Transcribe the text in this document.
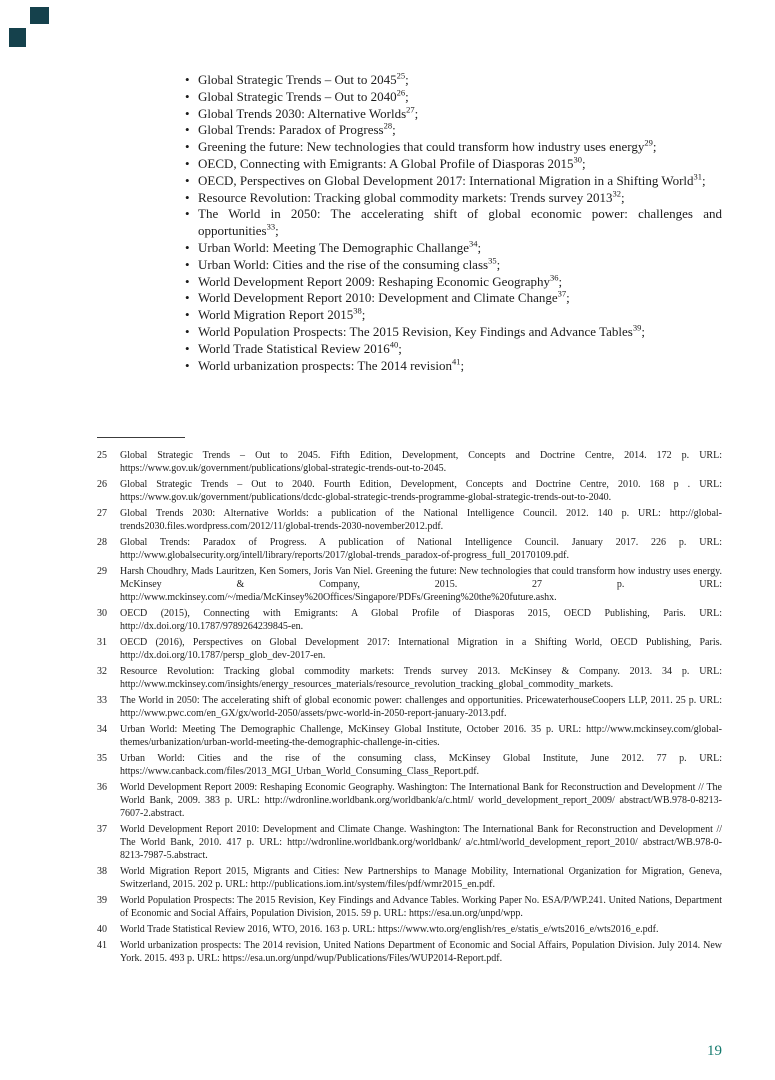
• Global Strategic Trends – Out to 2045$^{25}$;
• Global Strategic Trends – Out to 2040$^{26}$;
• Global Trends 2030: Alternative Worlds$^{27}$;
• Global Trends: Paradox of Progress$^{28}$;
• Greening the future: New technologies that could transform how industry uses energy$^{29}$;
• OECD, Connecting with Emigrants: A Global Profile of Diasporas 2015$^{30}$;
• OECD, Perspectives on Global Development 2017: International Migration in a Shifting World$^{31}$;
• Resource Revolution: Tracking global commodity markets: Trends survey 2013$^{32}$;
• The World in 2050: The accelerating shift of global economic power: challenges and opportunities$^{33}$;
• Urban World: Meeting The Demographic Challange$^{34}$;
• Urban World: Cities and the rise of the consuming class$^{35}$;
• World Development Report 2009: Reshaping Economic Geography$^{36}$;
• World Development Report 2010: Development and Climate Change$^{37}$;
• World Migration Report 2015$^{38}$;
• World Population Prospects: The 2015 Revision, Key Findings and Advance Tables$^{39}$;
• World Trade Statistical Review 2016$^{40}$;
• World urbanization prospects: The 2014 revision$^{41}$;
25	Global Strategic Trends – Out to 2045. Fifth Edition, Development, Concepts and Doctrine Centre, 2014. 172 p. URL: https://www.gov.uk/government/publications/global-strategic-trends-out-to-2045.
26	Global Strategic Trends – Out to 2040. Fourth Edition, Development, Concepts and Doctrine Centre, 2010. 168 p . URL: https://www.gov.uk/government/publications/dcdc-global-strategic-trends-programme-global-strategic-trends-out-to-2040.
27	Global Trends 2030: Alternative Worlds: a publication of the National Intelligence Council. 2012. 140 p. URL: http://global-trends2030.files.wordpress.com/2012/11/global-trends-2030-november2012.pdf.
28	Global Trends: Paradox of Progress. A publication of National Intelligence Council. January 2017. 226 p. URL: http://www.globalsecurity.org/intell/library/reports/2017/global-trends_paradox-of-progress_full_20170109.pdf.
29	Harsh Choudhry, Mads Lauritzen, Ken Somers, Joris Van Niel. Greening the future: New technologies that could transform how industry uses energy. McKinsey & Company, 2015. 27 p. URL: http://www.mckinsey.com/~/media/McKinsey%20Offices/Singapore/PDFs/Greening%20the%20future.ashx.
30	OECD (2015), Connecting with Emigrants: A Global Profile of Diasporas 2015, OECD Publishing, Paris. URL: http://dx.doi.org/10.1787/9789264239845-en.
31	OECD (2016), Perspectives on Global Development 2017: International Migration in a Shifting World, OECD Publishing, Paris. http://dx.doi.org/10.1787/persp_glob_dev-2017-en.
32	Resource Revolution: Tracking global commodity markets: Trends survey 2013. McKinsey & Company. 2013. 34 p. URL: http://www.mckinsey.com/insights/energy_resources_materials/resource_revolution_tracking_global_commodity_markets.
33	The World in 2050: The accelerating shift of global economic power: challenges and opportunities. PricewaterhouseCoopers LLP, 2011. 25 p. URL: http://www.pwc.com/en_GX/gx/world-2050/assets/pwc-world-in-2050-report-january-2013.pdf.
34	Urban World: Meeting The Demographic Challenge, McKinsey Global Institute, October 2016. 35 p. URL: http://www.mckinsey.com/global-themes/urbanization/urban-world-meeting-the-demographic-challenge-in-cities.
35	Urban World: Cities and the rise of the consuming class, McKinsey Global Institute, June 2012. 77 p. URL: https://www.canback.com/files/2013_MGI_Urban_World_Consuming_Class_Report.pdf.
36	World Development Report 2009: Reshaping Economic Geography. Washington: The International Bank for Reconstruction and Development // The World Bank, 2009. 383 p. URL: http://wdronline.worldbank.org/worldbank/a/c.html/ world_development_report_2009/ abstract/WB.978-0-8213-7607-2.abstract.
37	World Development Report 2010: Development and Climate Change. Washington: The International Bank for Reconstruction and Development // The World Bank, 2010. 417 p. URL: http://wdronline.worldbank.org/worldbank/ a/c.html/world_development_report_2010/ abstract/WB.978-0-8213-7987-5.abstract.
38	World Migration Report 2015, Migrants and Cities: New Partnerships to Manage Mobility, International Organization for Migration, Geneva, Switzerland, 2015. 202 p. URL: http://publications.iom.int/system/files/pdf/wmr2015_en.pdf.
39	World Population Prospects: The 2015 Revision, Key Findings and Advance Tables. Working Paper No. ESA/P/WP.241. United Nations, Department of Economic and Social Affairs, Population Division, 2015. 59 p. URL: https://esa.un.org/unpd/wpp.
40	World Trade Statistical Review 2016, WTO, 2016. 163 p. URL: https://www.wto.org/english/res_e/statis_e/wts2016_e/wts2016_e.pdf.
41	World urbanization prospects: The 2014 revision, United Nations Department of Economic and Social Affairs, Population Division. July 2014. New York. 2015. 493 p. URL: https://esa.un.org/unpd/wup/Publications/Files/WUP2014-Report.pdf.
19
